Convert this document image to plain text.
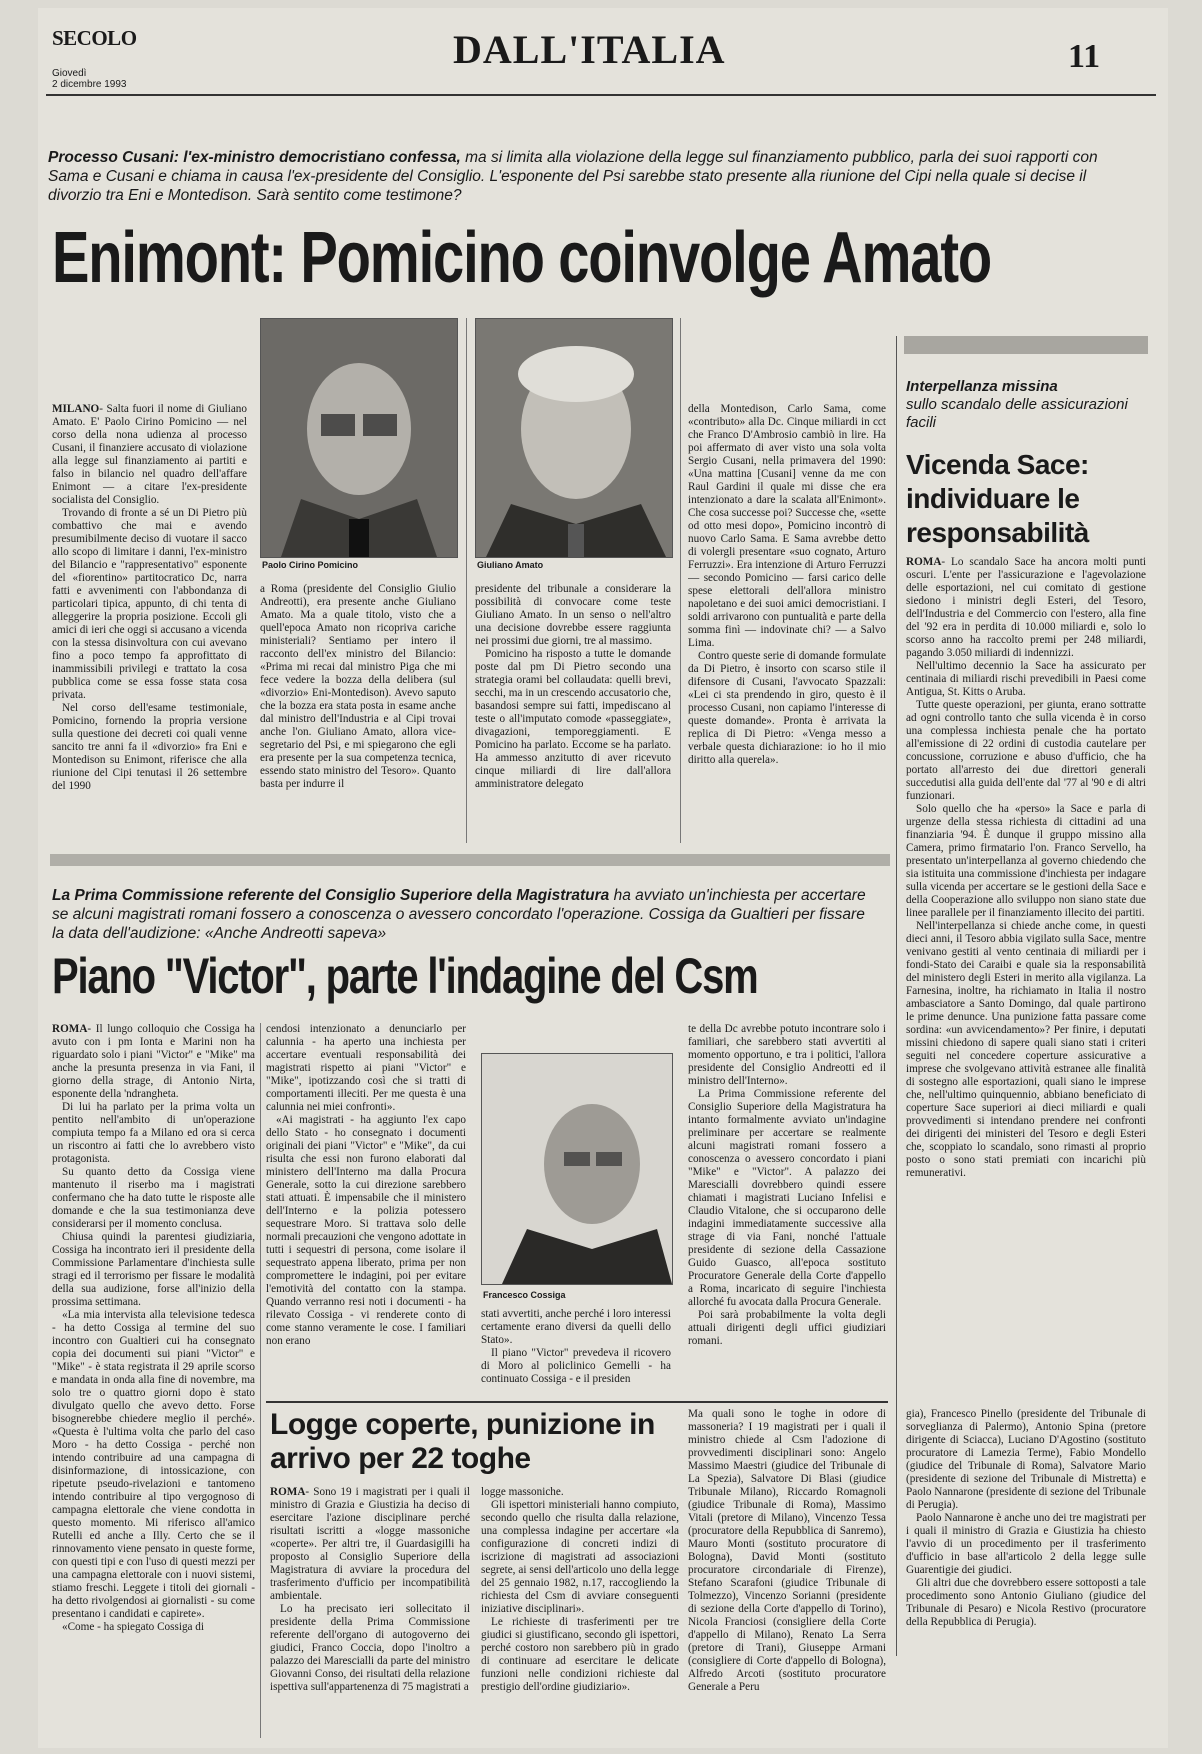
SECOLO
Giovedì
2 dicembre 1993
DALL'ITALIA	11
Processo Cusani: l'ex-ministro democristiano confessa, ma si limita alla violazione della legge sul finanziamento pubblico, parla dei suoi rapporti con Sama e Cusani e chiama in causa l'ex-presidente del Consiglio. L'esponente del Psi sarebbe stato presente alla riunione del Cipi nella quale si decise il divorzio tra Eni e Montedison. Sarà sentito come testimone?
Enimont: Pomicino coinvolge Amato
Paolo Cirino Pomicino	Giuliano Amato

MILANO- Salta fuori il nome di Giuliano Amato. E' Paolo Cirino Pomicino — nel corso della nona udienza al processo Cusani, il finanziere accusato di violazione alla legge sul finanziamento ai partiti e falso in bilancio nel quadro dell'affare Enimont — a citare l'ex-presidente socialista del Consiglio.

Trovando di fronte a sé un Di Pietro più combattivo che mai e avendo presumibilmente deciso di vuotare il sacco allo scopo di limitare i danni, l'ex-ministro del Bilancio e "rappresentativo" esponente del «fiorentino» partitocratico Dc, narra fatti e avvenimenti con l'abbondanza di particolari tipica, appunto, di chi tenta di alleggerire la propria posizione. Eccoli gli amici di ieri che oggi si accusano a vicenda con la stessa disinvoltura con cui avevano fino a poco tempo fa approfittato di inammissibili privilegi e trattato la cosa pubblica come se essa fosse stata cosa privata.

Nel corso dell'esame testimoniale, Pomicino, fornendo la propria versione sulla questione dei decreti coi quali venne sancito tre anni fa il «divorzio» fra Eni e Montedison su Enimont, riferisce che alla riunione del Cipi tenutasi il 26 settembre del 1990

a Roma (presidente del Consiglio Giulio Andreotti), era presente anche Giuliano Amato. Ma a quale titolo, visto che a quell'epoca Amato non ricopriva cariche ministeriali? Sentiamo per intero il racconto dell'ex ministro del Bilancio: «Prima mi recai dal ministro Piga che mi fece vedere la bozza della delibera (sul «divorzio» Eni-Montedison). Avevo saputo che la bozza era stata posta in esame anche dal ministro dell'Industria e al Cipi trovai anche l'on. Giuliano Amato, allora vice-segretario del Psi, e mi spiegarono che egli era presente per la sua competenza tecnica, essendo stato ministro del Tesoro». Quanto basta per indurre il

presidente del tribunale a considerare la possibilità di convocare come teste Giuliano Amato. In un senso o nell'altro una decisione dovrebbe essere raggiunta nei prossimi due giorni, tre al massimo.

Pomicino ha risposto a tutte le domande poste dal pm Di Pietro secondo una strategia orami bel collaudata: quelli brevi, secchi, ma in un crescendo accusatorio che, basandosi sempre sui fatti, impediscano al teste o all'imputato comode «passeggiate», divagazioni, temporeggiamenti. E Pomicino ha parlato. Eccome se ha parlato. Ha ammesso anzitutto di aver ricevuto cinque miliardi di lire dall'allora amministratore delegato

della Montedison, Carlo Sama, come «contributo» alla Dc. Cinque miliardi in cct che Franco D'Ambrosio cambiò in lire. Ha poi affermato di aver visto una sola volta Sergio Cusani, nella primavera del 1990: «Una mattina [Cusani] venne da me con Raul Gardini il quale mi disse che era intenzionato a dare la scalata all'Enimont». Che cosa successe poi? Successe che, «sette od otto mesi dopo», Pomicino incontrò di nuovo Carlo Sama. E Sama avrebbe detto di volergli presentare «suo cognato, Arturo Ferruzzi». Era intenzione di Arturo Ferruzzi — secondo Pomicino — farsi carico delle spese elettorali dell'allora ministro napoletano e dei suoi amici democristiani. I soldi arrivarono con puntualità e parte della somma finì — indovinate chi? — a Salvo Lima.

Contro queste serie di domande formulate da Di Pietro, è insorto con scarso stile il difensore di Cusani, l'avvocato Spazzali: «Lei ci sta prendendo in giro, questo è il processo Cusani, non capiamo l'interesse di queste domande». Pronta è arrivata la replica di Di Pietro: «Venga messo a verbale questa dichiarazione: io ho il mio diritto alla querela».

Interpellanza missina
sullo scandalo delle assicurazioni facili
Vicenda Sace: individuare le responsabilità

ROMA- Lo scandalo Sace ha ancora molti punti oscuri. L'ente per l'assicurazione e l'agevolazione delle esportazioni, nel cui comitato di gestione siedono i ministri degli Esteri, del Tesoro, dell'Industria e del Commercio con l'estero, alla fine del '92 era in perdita di 10.000 miliardi e, solo lo scorso anno ha raccolto premi per 248 miliardi, pagando 3.050 miliardi di indennizzi.

Nell'ultimo decennio la Sace ha assicurato per centinaia di miliardi rischi prevedibili in Paesi come Antigua, St. Kitts o Aruba.

Tutte queste operazioni, per giunta, erano sottratte ad ogni controllo tanto che sulla vicenda è in corso una complessa inchiesta penale che ha portato all'emissione di 22 ordini di custodia cautelare per concussione, corruzione e abuso d'ufficio, che ha portato all'arresto dei due direttori generali succedutisi alla guida dell'ente dal '77 al '90 e di altri funzionari.

Solo quello che ha «perso» la Sace e parla di urgenze della stessa richiesta di cittadini ad una finanziaria '94. È dunque il gruppo missino alla Camera, primo firmatario l'on. Franco Servello, ha presentato un'interpellanza al governo chiedendo che sia istituita una commissione d'inchiesta per indagare sulla vicenda per accertare se le gestioni della Sace e della Cooperazione allo sviluppo non siano state due linee parallele per il finanziamento illecito dei partiti.

Nell'interpellanza si chiede anche come, in questi dieci anni, il Tesoro abbia vigilato sulla Sace, mentre venivano gestiti al vento centinaia di miliardi per i fondi-Stato dei Caraibi e quale sia la responsabilità del ministero degli Esteri in merito alla vigilanza. La Farnesina, inoltre, ha richiamato in Italia il nostro ambasciatore a Santo Domingo, dal quale partirono le prime denunce. Una punizione fatta passare come sordina: «un avvicendamento»? Per finire, i deputati missini chiedono di sapere quali siano stati i criteri seguiti nel concedere coperture assicurative a imprese che svolgevano attività estranee alle finalità di sostegno alle esportazioni, quali siano le imprese che, nell'ultimo quinquennio, abbiano beneficiato di coperture Sace superiori ai dieci miliardi e quali provvedimenti si intendano prendere nei confronti dei dirigenti dei ministeri del Tesoro e degli Esteri che, scoppiato lo scandalo, sono rimasti al proprio posto o sono stati premiati con incarichi più remunerativi.

La Prima Commissione referente del Consiglio Superiore della Magistratura ha avviato un'inchiesta per accertare se alcuni magistrati romani fossero a conoscenza o avessero concordato l'operazione. Cossiga da Gualtieri per fissare la data dell'audizione: «Anche Andreotti sapeva»
Piano "Victor", parte l'indagine del Csm
Francesco Cossiga

ROMA- Il lungo colloquio che Cossiga ha avuto con i pm Ionta e Marini non ha riguardato solo i piani "Victor" e "Mike" ma anche la presunta presenza in via Fani, il giorno della strage, di Antonio Nirta, esponente della 'ndrangheta.

Di lui ha parlato per la prima volta un pentito nell'ambito di un'operazione compiuta tempo fa a Milano ed ora si cerca un riscontro ai fatti che lo avrebbero visto protagonista.

Su quanto detto da Cossiga viene mantenuto il riserbo ma i magistrati confermano che ha dato tutte le risposte alle domande e che la sua testimonianza deve considerarsi per il momento conclusa.

Chiusa quindi la parentesi giudiziaria, Cossiga ha incontrato ieri il presidente della Commissione Parlamentare d'inchiesta sulle stragi ed il terrorismo per fissare le modalità della sua audizione, forse all'inizio della prossima settimana.

«La mia intervista alla televisione tedesca - ha detto Cossiga al termine del suo incontro con Gualtieri cui ha consegnato copia dei documenti sui piani "Victor" e "Mike" - è stata registrata il 29 aprile scorso e mandata in onda alla fine di novembre, ma solo tre o quattro giorni dopo è stato divulgato quello che avevo detto. Forse bisognerebbe chiedere meglio il perché». «Questa è l'ultima volta che parlo del caso Moro - ha detto Cossiga - perché non intendo contribuire ad una campagna di disinformazione, di intossicazione, con ripetute pseudo-rivelazioni e tantomeno intendo contribuire al tipo vergognoso di campagna elettorale che viene condotta in questo momento. Mi riferisco all'amico Rutelli ed anche a Illy. Certo che se il rinnovamento viene pensato in queste forme, con questi tipi e con l'uso di questi mezzi per una campagna elettorale con i nuovi sistemi, stiamo freschi. Leggete i titoli dei giornali - ha detto rivolgendosi ai giornalisti - su come presentano i candidati e capirete».

«Come - ha spiegato Cossiga di

cendosi intenzionato a denunciarlo per calunnia - ha aperto una inchiesta per accertare eventuali responsabilità dei magistrati rispetto ai piani "Victor" e "Mike", ipotizzando così che si tratti di comportamenti illeciti. Per me questa è una calunnia nei miei confronti».

«Ai magistrati - ha aggiunto l'ex capo dello Stato - ho consegnato i documenti originali dei piani "Victor" e "Mike", da cui risulta che essi non furono elaborati dal ministero dell'Interno ma dalla Procura Generale, sotto la cui direzione sarebbero stati attuati. È impensabile che il ministero dell'Interno e la polizia potessero sequestrare Moro. Si trattava solo delle normali precauzioni che vengono adottate in tutti i sequestri di persona, come isolare il sequestrato appena liberato, prima per non compromettere le indagini, poi per evitare l'emotività del contatto con la stampa. Quando verranno resi noti i documenti - ha rilevato Cossiga - vi renderete conto di come stanno veramente le cose. I familiari non erano

stati avvertiti, anche perché i loro interessi certamente erano diversi da quelli dello Stato».

Il piano "Victor" prevedeva il ricovero di Moro al policlinico Gemelli - ha continuato Cossiga - e il presiden

te della Dc avrebbe potuto incontrare solo i familiari, che sarebbero stati avvertiti al momento opportuno, e tra i politici, l'allora presidente del Consiglio Andreotti ed il ministro dell'Interno».

La Prima Commissione referente del Consiglio Superiore della Magistratura ha intanto formalmente avviato un'indagine preliminare per accertare se realmente alcuni magistrati romani fossero a conoscenza o avessero concordato i piani "Mike" e "Victor". A palazzo dei Marescialli dovrebbero quindi essere chiamati i magistrati Luciano Infelisi e Claudio Vitalone, che si occuparono delle indagini immediatamente successive alla strage di via Fani, nonché l'attuale presidente di sezione della Cassazione Guido Guasco, all'epoca sostituto Procuratore Generale della Corte d'appello a Roma, incaricato di seguire l'inchiesta allorché fu avocata dalla Procura Generale.

Poi sarà probabilmente la volta degli attuali dirigenti degli uffici giudiziari romani.

Logge coperte, punizione in arrivo per 22 toghe

ROMA- Sono 19 i magistrati per i quali il ministro di Grazia e Giustizia ha deciso di esercitare l'azione disciplinare perché risultati iscritti a «logge massoniche «coperte». Per altri tre, il Guardasigilli ha proposto al Consiglio Superiore della Magistratura di avviare la procedura del trasferimento d'ufficio per incompatibilità ambientale.

Lo ha precisato ieri sollecitato il presidente della Prima Commissione referente dell'organo di autogoverno dei giudici, Franco Coccia, dopo l'inoltro a palazzo dei Marescialli da parte del ministro Giovanni Conso, dei risultati della relazione ispettiva sull'appartenenza di 75 magistrati a

logge massoniche.

Gli ispettori ministeriali hanno compiuto, secondo quello che risulta dalla relazione, una complessa indagine per accertare «la configurazione di concreti indizi di iscrizione di magistrati ad associazioni segrete, ai sensi dell'articolo uno della legge del 25 gennaio 1982, n.17, raccogliendo la richiesta del Csm di avviare conseguenti iniziative disciplinari».

Le richieste di trasferimenti per tre giudici si giustificano, secondo gli ispettori, perché costoro non sarebbero più in grado di continuare ad esercitare le delicate funzioni nelle condizioni richieste dal prestigio dell'ordine giudiziario».

Ma quali sono le toghe in odore di massoneria? I 19 magistrati per i quali il ministro chiede al Csm l'adozione di provvedimenti disciplinari sono: Angelo Massimo Maestri (giudice del Tribunale di La Spezia), Salvatore Di Blasi (giudice Tribunale Milano), Riccardo Romagnoli (giudice Tribunale di Roma), Massimo Vitali (pretore di Milano), Vincenzo Tessa (procuratore della Repubblica di Sanremo), Mauro Monti (sostituto procuratore di Bologna), David Monti (sostituto procuratore circondariale di Firenze), Stefano Scarafoni (giudice Tribunale di Tolmezzo), Vincenzo Sorianni (presidente di sezione della Corte d'appello di Torino), Nicola Franciosi (consigliere della Corte d'appello di Milano), Renato La Serra (pretore di Trani), Giuseppe Armani (consigliere di Corte d'appello di Bologna), Alfredo Arcoti (sostituto procuratore Generale a Peru

gia), Francesco Pinello (presidente del Tribunale di sorveglianza di Palermo), Antonio Spina (pretore dirigente di Sciacca), Luciano D'Agostino (sostituto procuratore di Lamezia Terme), Fabio Mondello (giudice del Tribunale di Roma), Salvatore Mario (presidente di sezione del Tribunale di Mistretta) e Paolo Nannarone (presidente di sezione del Tribunale di Perugia).

Paolo Nannarone è anche uno dei tre magistrati per i quali il ministro di Grazia e Giustizia ha chiesto l'avvio di un procedimento per il trasferimento d'ufficio in base all'articolo 2 della legge sulle Guarentigie dei giudici.

Gli altri due che dovrebbero essere sottoposti a tale procedimento sono Antonio Giuliano (giudice del Tribunale di Pesaro) e Nicola Restivo (procuratore della Repubblica di Perugia).
